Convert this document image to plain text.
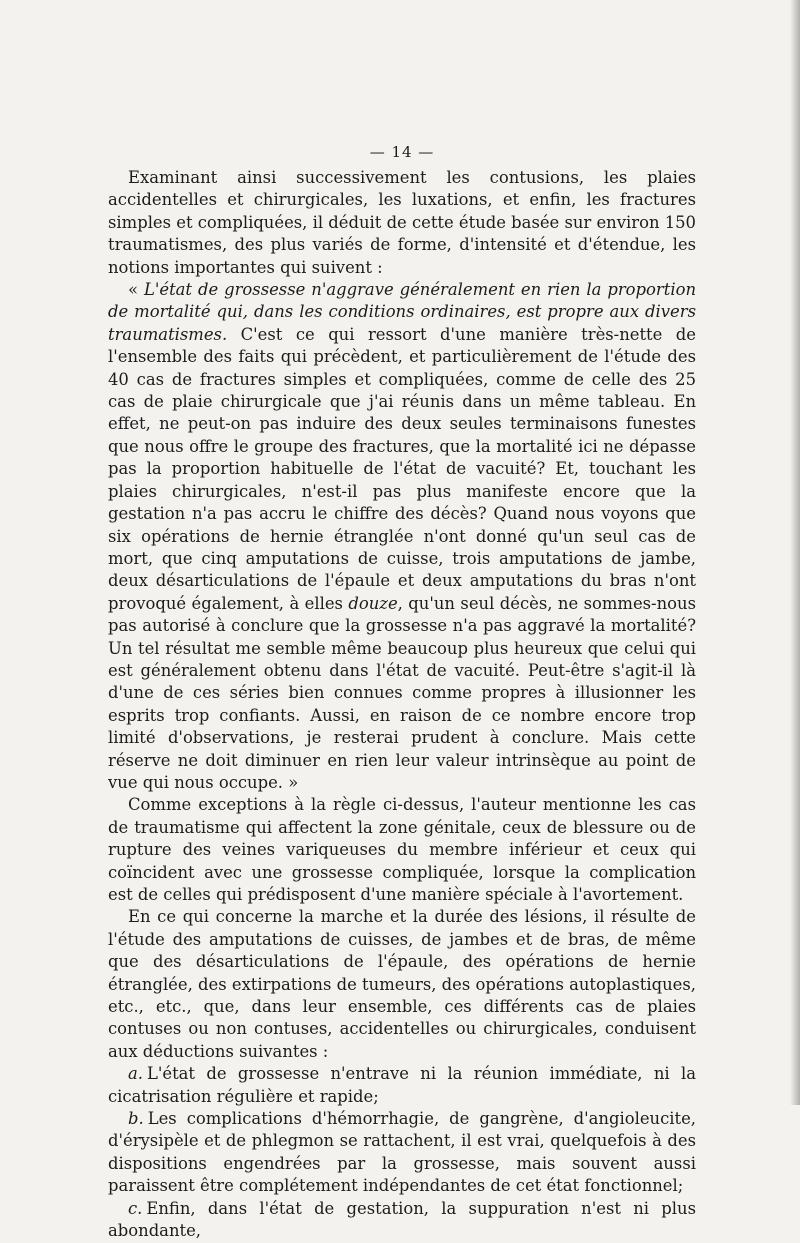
— 14 —

Examinant ainsi successivement les contusions, les plaies accidentelles et chirurgicales, les luxations, et enfin, les fractures simples et compliquées, il déduit de cette étude basée sur environ 150 traumatismes, des plus variés de forme, d'intensité et d'étendue, les notions importantes qui suivent :

« L'état de grossesse n'aggrave généralement en rien la proportion de mortalité qui, dans les conditions ordinaires, est propre aux divers traumatismes. C'est ce qui ressort d'une manière très-nette de l'ensemble des faits qui précèdent, et particulièrement de l'étude des 40 cas de fractures simples et compliquées, comme de celle des 25 cas de plaie chirurgicale que j'ai réunis dans un même tableau. En effet, ne peut-on pas induire des deux seules terminaisons funestes que nous offre le groupe des fractures, que la mortalité ici ne dépasse pas la proportion habituelle de l'état de vacuité? Et, touchant les plaies chirurgicales, n'est-il pas plus manifeste encore que la gestation n'a pas accru le chiffre des décès? Quand nous voyons que six opérations de hernie étranglée n'ont donné qu'un seul cas de mort, que cinq amputations de cuisse, trois amputations de jambe, deux désarticulations de l'épaule et deux amputations du bras n'ont provoqué également, à elles douze, qu'un seul décès, ne sommes-nous pas autorisé à conclure que la grossesse n'a pas aggravé la mortalité? Un tel résultat me semble même beaucoup plus heureux que celui qui est généralement obtenu dans l'état de vacuité. Peut-être s'agit-il là d'une de ces séries bien connues comme propres à illusionner les esprits trop confiants. Aussi, en raison de ce nombre encore trop limité d'observations, je resterai prudent à conclure. Mais cette réserve ne doit diminuer en rien leur valeur intrinsèque au point de vue qui nous occupe. »

Comme exceptions à la règle ci-dessus, l'auteur mentionne les cas de traumatisme qui affectent la zone génitale, ceux de blessure ou de rupture des veines variqueuses du membre inférieur et ceux qui coïncident avec une grossesse compliquée, lorsque la complication est de celles qui prédisposent d'une manière spéciale à l'avortement.

En ce qui concerne la marche et la durée des lésions, il résulte de l'étude des amputations de cuisses, de jambes et de bras, de même que des désarticulations de l'épaule, des opérations de hernie étranglée, des extirpations de tumeurs, des opérations autoplastiques, etc., etc., que, dans leur ensemble, ces différents cas de plaies contuses ou non contuses, accidentelles ou chirurgicales, conduisent aux déductions suivantes :

a. L'état de grossesse n'entrave ni la réunion immédiate, ni la cicatrisation régulière et rapide;

b. Les complications d'hémorrhagie, de gangrène, d'angioleucite, d'érysipèle et de phlegmon se rattachent, il est vrai, quelquefois à des dispositions engendrées par la grossesse, mais souvent aussi paraissent être complétement indépendantes de cet état fonctionnel;

c. Enfin, dans l'état de gestation, la suppuration n'est ni plus abondante,
